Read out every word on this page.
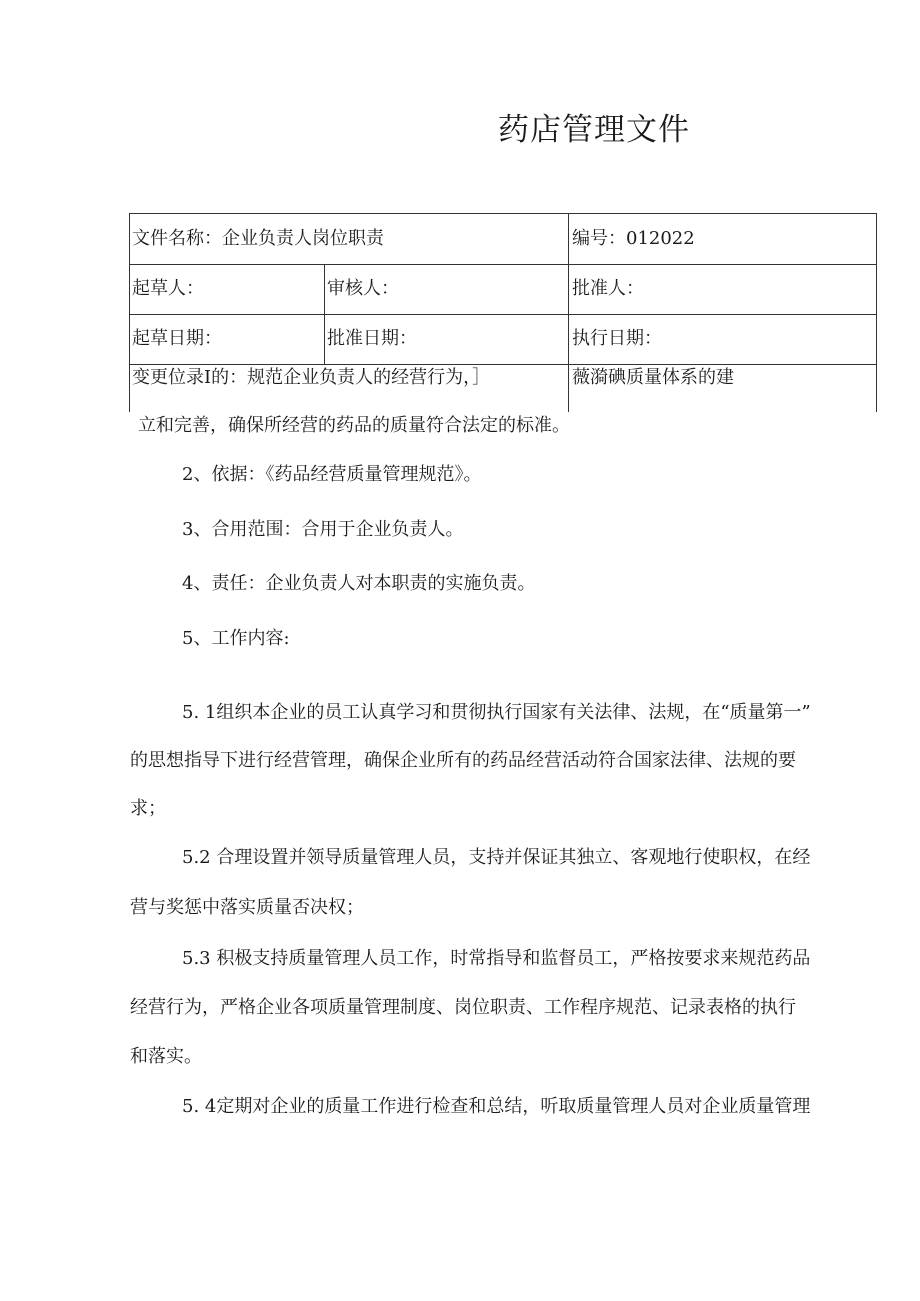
药店管理文件
文件名称：企业负责人岗位职责	编号：012022
起草人：	审核人：	批准人：
起草日期：	批准日期：	执行日期：
变更位录I的：规范企业负责人的经营行为，］	薇漪碘质量体系的建
立和完善，确保所经营的药品的质量符合法定的标准。
2、依据：《药品经营质量管理规范》。
3、合用范围：合用于企业负责人。
4、责任：企业负责人对本职责的实施负责。
5、工作内容:
5. 1组织本企业的员工认真学习和贯彻执行国家有关法律、法规，在“质量第一”
的思想指导下进行经营管理，确保企业所有的药品经营活动符合国家法律、法规的要
求；
5.2 合理设置并领导质量管理人员，支持并保证其独立、客观地行使职权，在经
营与奖惩中落实质量否决权；
5.3 积极支持质量管理人员工作，时常指导和监督员工，严格按要求来规范药品
经营行为，严格企业各项质量管理制度、岗位职责、工作程序规范、记录表格的执行
和落实。
5. 4定期对企业的质量工作进行检查和总结，听取质量管理人员对企业质量管理
